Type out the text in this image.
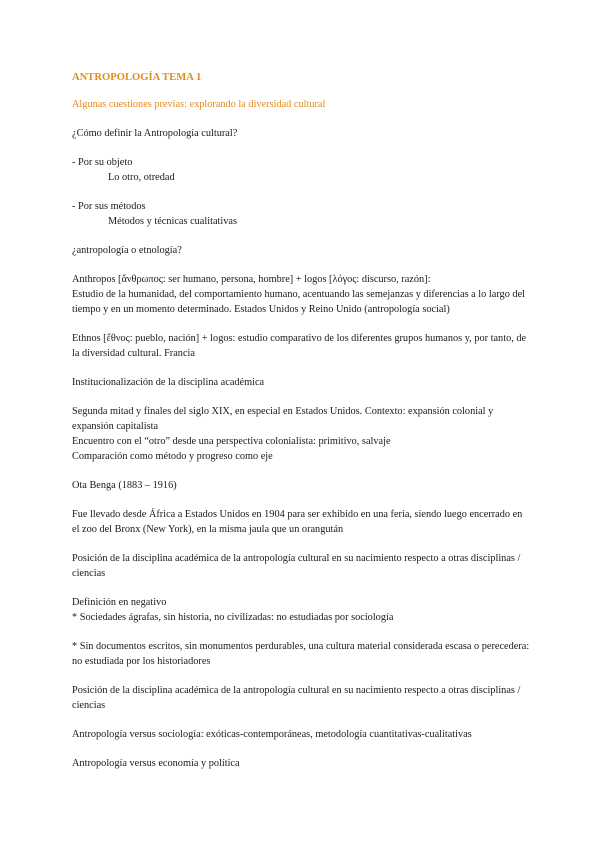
ANTROPOLOGÍA TEMA 1
Algunas cuestiones previas: explorando la diversidad cultural

¿Cómo definir la Antropología cultural?

- Por su objeto
Lo otro, otredad
- Por sus métodos
Métodos y técnicas cualitativas

¿antropología o etnología?

Anthropos [ἄνθρωπος: ser humano, persona, hombre] + logos [λόγος: discurso, razón]:
Estudio de la humanidad, del comportamiento humano, acentuando las semejanzas y diferencias a lo largo del tiempo y en un momento determinado. Estados Unidos y Reino Unido (antropología social)

Ethnos [ἔθνος: pueblo, nación] + logos: estudio comparativo de los diferentes grupos humanos y, por tanto, de la diversidad cultural. Francia

Institucionalización de la disciplina académica

Segunda mitad y finales del siglo XIX, en especial en Estados Unidos. Contexto: expansión colonial y expansión capitalista
Encuentro con el “otro” desde una perspectiva colonialista: primitivo, salvaje
Comparación como método y progreso como eje

Ota Benga (1883 – 1916)

Fue llevado desde África a Estados Unidos en 1904 para ser exhibido en una feria, siendo luego encerrado en el zoo del Bronx (New York), en la misma jaula que un orangután

Posición de la disciplina académica de la antropología cultural en su nacimiento respecto a otras disciplinas / ciencias

Definición en negativo
* Sociedades ágrafas, sin historia, no civilizadas: no estudiadas por sociología

* Sin documentos escritos, sin monumentos perdurables, una cultura material considerada escasa o perecedera: no estudiada por los historiadores

Posición de la disciplina académica de la antropología cultural en su nacimiento respecto a otras disciplinas / ciencias

Antropología versus sociología: exóticas-contemporáneas, metodología cuantitativas-cualitativas

Antropología versus economía y política
